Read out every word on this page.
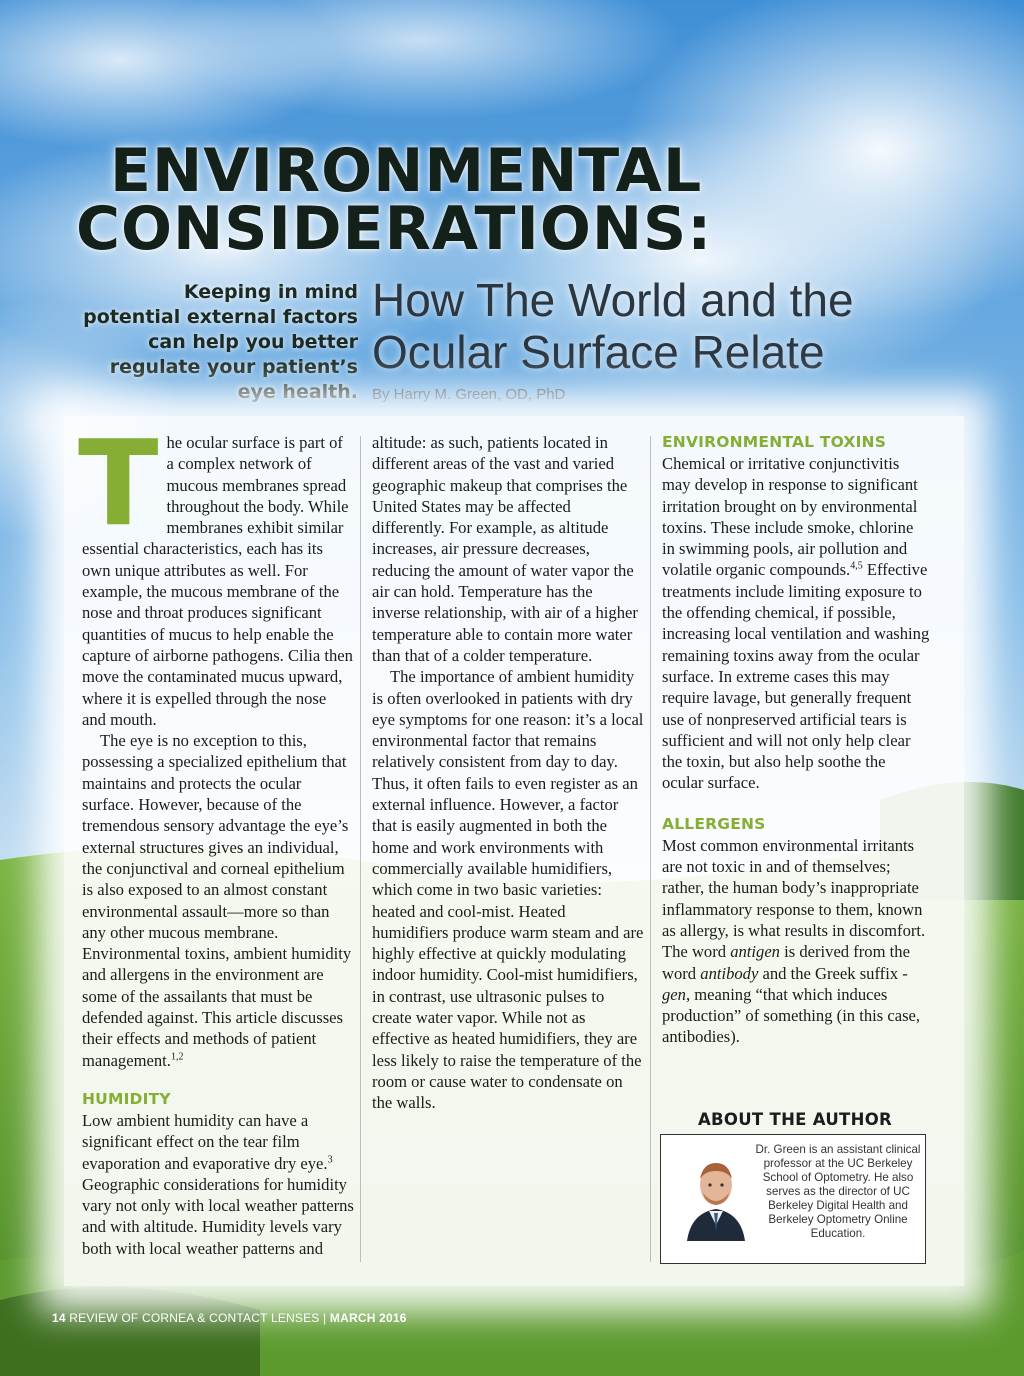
ENVIRONMENTAL
CONSIDERATIONS:

Keeping in mind
potential external factors
can help you better
regulate your patient’s
eye health.

How The World and the
Ocular Surface Relate
By Harry M. Green, OD, PhD

The ocular surface is part of a complex network of mucous membranes spread throughout the body. While membranes exhibit similar essential characteristics, each has its own unique attributes as well. For example, the mucous membrane of the nose and throat produces significant quantities of mucus to help enable the capture of airborne pathogens. Cilia then move the contaminated mucus upward, where it is expelled through the nose and mouth.

The eye is no exception to this, possessing a specialized epithelium that maintains and protects the ocular surface. However, because of the tremendous sensory advantage the eye’s external structures gives an individual, the conjunctival and corneal epithelium is also exposed to an almost constant environmental assault—more so than any other mucous membrane. Environmental toxins, ambient humidity and allergens in the environment are some of the assailants that must be defended against. This article discusses their effects and methods of patient management.$^{1,2}$

HUMIDITY

Low ambient humidity can have a significant effect on the tear film evaporation and evaporative dry eye.$^3$ Geographic considerations for humidity vary not only with local weather patterns and with altitude. Humidity levels vary both with local weather patterns and

altitude: as such, patients located in different areas of the vast and varied geographic makeup that comprises the United States may be affected differently. For example, as altitude increases, air pressure decreases, reducing the amount of water vapor the air can hold. Temperature has the inverse relationship, with air of a higher temperature able to contain more water than that of a colder temperature.

The importance of ambient humidity is often overlooked in patients with dry eye symptoms for one reason: it’s a local environmental factor that remains relatively consistent from day to day. Thus, it often fails to even register as an external influence. However, a factor that is easily augmented in both the home and work environments with commercially available humidifiers, which come in two basic varieties: heated and cool-mist. Heated humidifiers produce warm steam and are highly effective at quickly modulating indoor humidity. Cool-mist humidifiers, in contrast, use ultrasonic pulses to create water vapor. While not as effective as heated humidifiers, they are less likely to raise the temperature of the room or cause water to condensate on the walls.

ENVIRONMENTAL TOXINS

Chemical or irritative conjunctivitis may develop in response to significant irritation brought on by environmental toxins. These include smoke, chlorine in swimming pools, air pollution and volatile organic compounds.$^{4,5}$ Effective treatments include limiting exposure to the offending chemical, if possible, increasing local ventilation and washing remaining toxins away from the ocular surface. In extreme cases this may require lavage, but generally frequent use of nonpreserved artificial tears is sufficient and will not only help clear the toxin, but also help soothe the ocular surface.

ALLERGENS

Most common environmental irritants are not toxic in and of themselves; rather, the human body’s inappropriate inflammatory response to them, known as allergy, is what results in discomfort. The word antigen is derived from the word antibody and the Greek suffix -gen, meaning “that which induces production” of something (in this case, antibodies).

ABOUT THE AUTHOR

Dr. Green is an assistant clinical professor at the UC Berkeley School of Optometry. He also serves as the director of UC Berkeley Digital Health and Berkeley Optometry Online Education.

14 REVIEW OF CORNEA & CONTACT LENSES | MARCH 2016
